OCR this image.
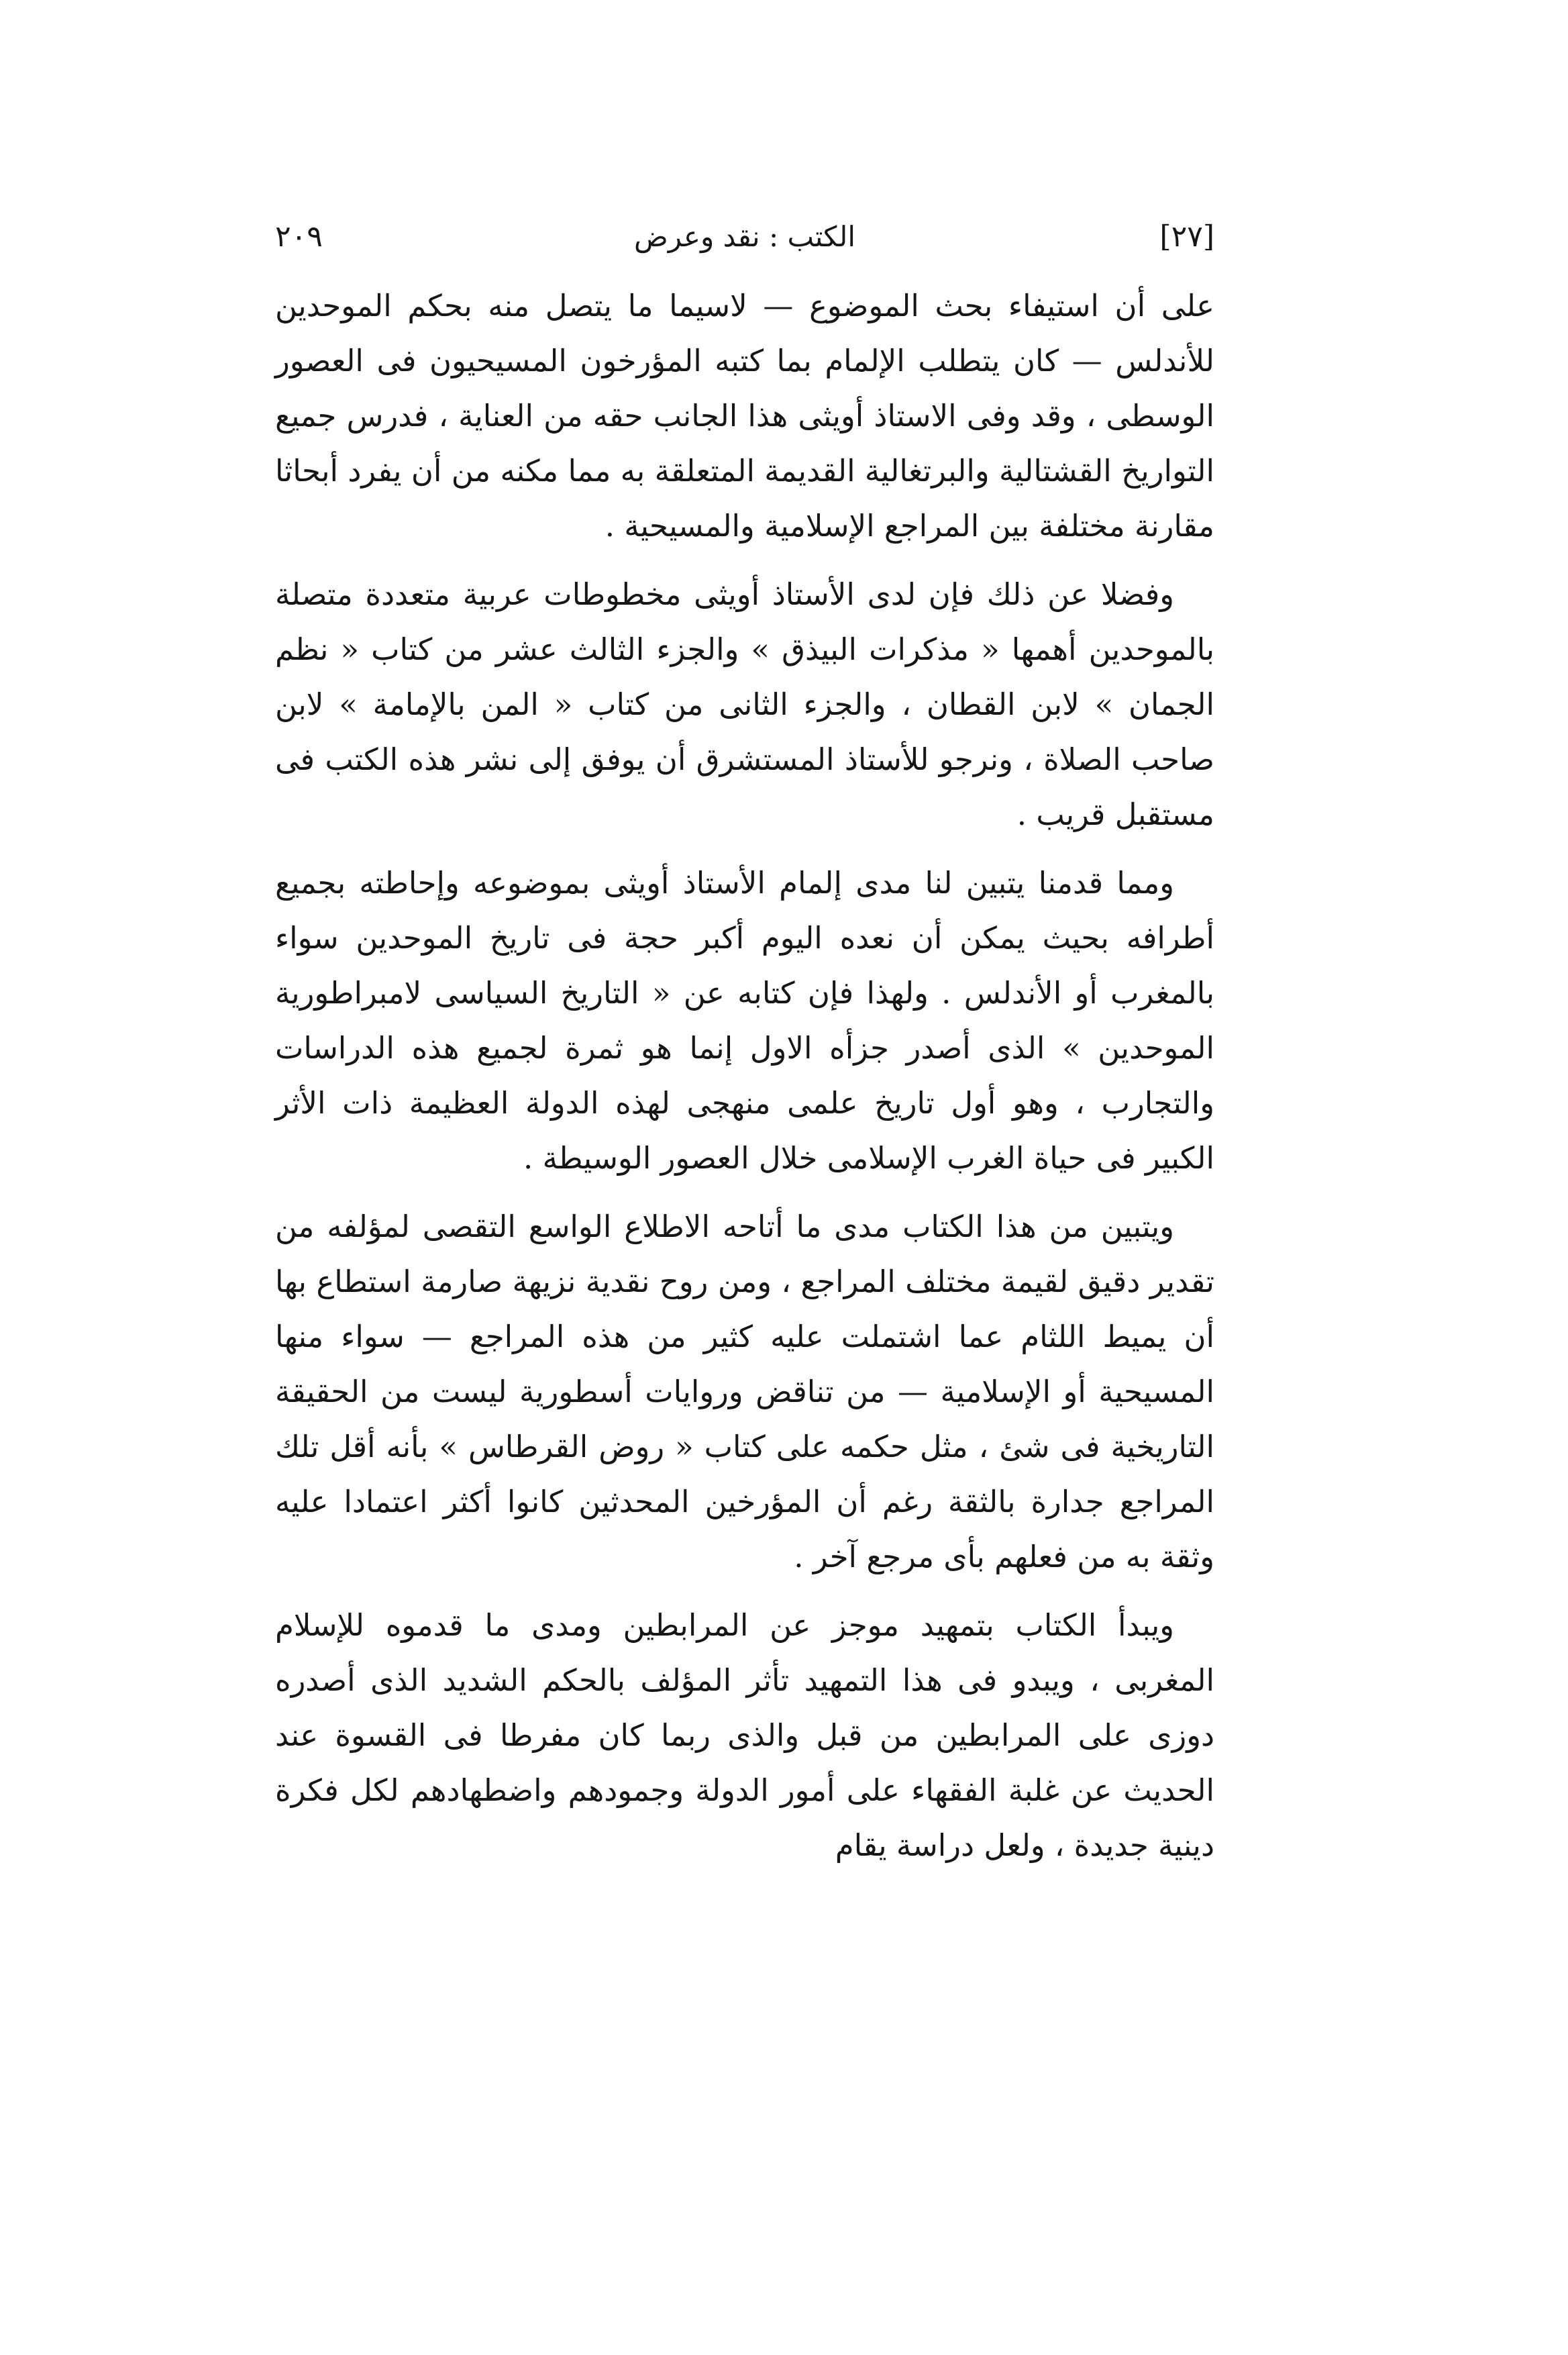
[٢٧]
الكتب : نقد وعرض
٢٠٩

على أن استيفاء بحث الموضوع — لاسيما ما يتصل منه بحكم الموحدين للأندلس — كان يتطلب الإلمام بما كتبه المؤرخون المسيحيون فى العصور الوسطى ، وقد وفى الاستاذ أويثى هذا الجانب حقه من العناية ، فدرس جميع التواريخ القشتالية والبرتغالية القديمة المتعلقة به مما مكنه من أن يفرد أبحاثا مقارنة مختلفة بين المراجع الإسلامية والمسيحية .

وفضلا عن ذلك فإن لدى الأستاذ أويثى مخطوطات عربية متعددة متصلة بالموحدين أهمها « مذكرات البيذق » والجزء الثالث عشر من كتاب « نظم الجمان » لابن القطان ، والجزء الثانى من كتاب « المن بالإمامة » لابن صاحب الصلاة ، ونرجو للأستاذ المستشرق أن يوفق إلى نشر هذه الكتب فى مستقبل قريب .

ومما قدمنا يتبين لنا مدى إلمام الأستاذ أويثى بموضوعه وإحاطته بجميع أطرافه بحيث يمكن أن نعده اليوم أكبر حجة فى تاريخ الموحدين سواء بالمغرب أو الأندلس . ولهذا فإن كتابه عن « التاريخ السياسى لامبراطورية الموحدين » الذى أصدر جزأه الاول إنما هو ثمرة لجميع هذه الدراسات والتجارب ، وهو أول تاريخ علمى منهجى لهذه الدولة العظيمة ذات الأثر الكبير فى حياة الغرب الإسلامى خلال العصور الوسيطة .

ويتبين من هذا الكتاب مدى ما أتاحه الاطلاع الواسع التقصى لمؤلفه من تقدير دقيق لقيمة مختلف المراجع ، ومن روح نقدية نزيهة صارمة استطاع بها أن يميط اللثام عما اشتملت عليه كثير من هذه المراجع — سواء منها المسيحية أو الإسلامية — من تناقض وروايات أسطورية ليست من الحقيقة التاريخية فى شئ ، مثل حكمه على كتاب « روض القرطاس » بأنه أقل تلك المراجع جدارة بالثقة رغم أن المؤرخين المحدثين كانوا أكثر اعتمادا عليه وثقة به من فعلهم بأى مرجع آخر .

ويبدأ الكتاب بتمهيد موجز عن المرابطين ومدى ما قدموه للإسلام المغربى ، ويبدو فى هذا التمهيد تأثر المؤلف بالحكم الشديد الذى أصدره دوزى على المرابطين من قبل والذى ربما كان مفرطا فى القسوة عند الحديث عن غلبة الفقهاء على أمور الدولة وجمودهم واضطهادهم لكل فكرة دينية جديدة ، ولعل دراسة يقام
